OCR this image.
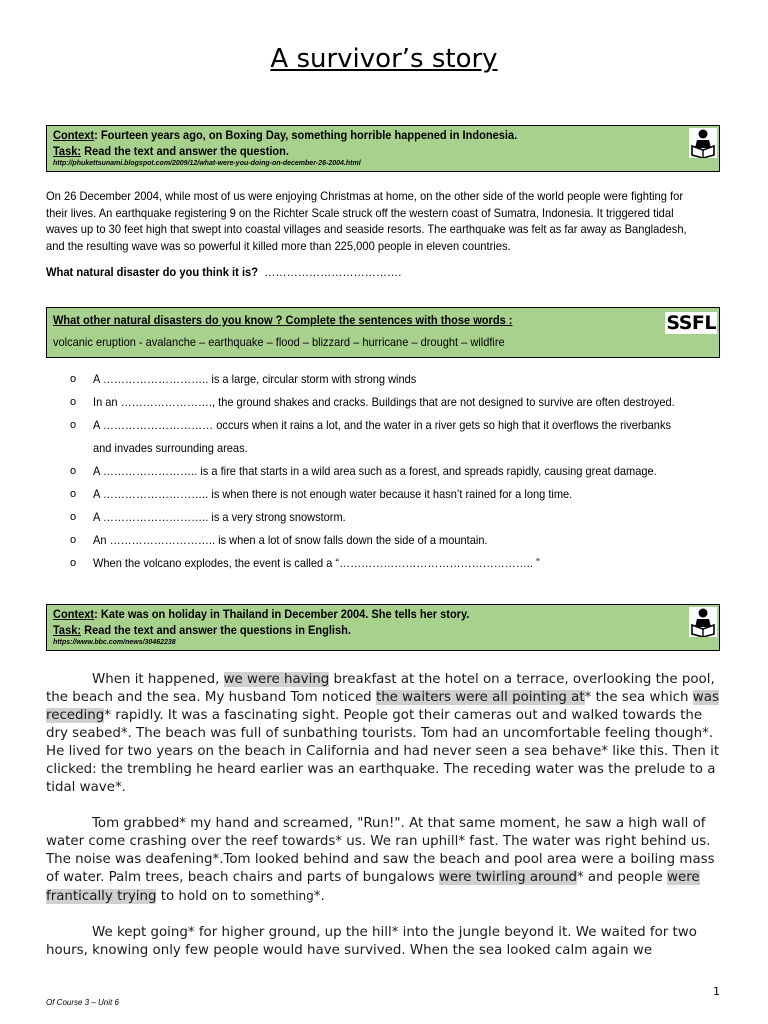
A survivor’s story
Context: Fourteen years ago, on Boxing Day, something horrible happened in Indonesia.
Task: Read the text and answer the question.
http://phukettsunami.blogspot.com/2009/12/what-were-you-doing-on-december-26-2004.html
On 26 December 2004, while most of us were enjoying Christmas at home, on the other side of the world people were fighting for their lives. An earthquake registering 9 on the Richter Scale struck off the western coast of Sumatra, Indonesia. It triggered tidal waves up to 30 feet high that swept into coastal villages and seaside resorts. The earthquake was felt as far away as Bangladesh, and the resulting wave was so powerful it killed more than 225,000 people in eleven countries.
What natural disaster do you think it is?  ……………………………….
What other natural disasters do you know ? Complete the sentences with those words :
volcanic eruption - avalanche – earthquake – flood – blizzard – hurricane – drought – wildfire
SSFL
o A ……………………….. is a large, circular storm with strong winds
o In an ……………………., the ground shakes and cracks. Buildings that are not designed to survive are often destroyed.
o A ………………………… occurs when it rains a lot, and the water in a river gets so high that it overflows the riverbanks and invades surrounding areas.
o A …………………….. is a fire that starts in a wild area such as a forest, and spreads rapidly, causing great damage.
o A ……………………….. is when there is not enough water because it hasn’t rained for a long time.
o A ……………………….. is a very strong snowstorm.
o An ……………………….. is when a lot of snow falls down the side of a mountain.
o When the volcano explodes, the event is called a “…………………………………………….. ”
Context: Kate was on holiday in Thailand in December 2004. She tells her story.
Task: Read the text and answer the questions in English.
https://www.bbc.com/news/30462238

When it happened, we were having breakfast at the hotel on a terrace, overlooking the pool, the beach and the sea. My husband Tom noticed the waiters were all pointing at* the sea which was receding* rapidly. It was a fascinating sight. People got their cameras out and walked towards the dry seabed*. The beach was full of sunbathing tourists. Tom had an uncomfortable feeling though*. He lived for two years on the beach in California and had never seen a sea behave* like this. Then it clicked: the trembling he heard earlier was an earthquake. The receding water was the prelude to a tidal wave*.

Tom grabbed* my hand and screamed, "Run!". At that same moment, he saw a high wall of water come crashing over the reef towards* us. We ran uphill* fast. The water was right behind us. The noise was deafening*.Tom looked behind and saw the beach and pool area were a boiling mass of water. Palm trees, beach chairs and parts of bungalows were twirling around* and people were frantically trying to hold on to something*.

We kept going* for higher ground, up the hill* into the jungle beyond it. We waited for two hours, knowing only few people would have survived. When the sea looked calm again we

Of Course 3 – Unit 6
1
